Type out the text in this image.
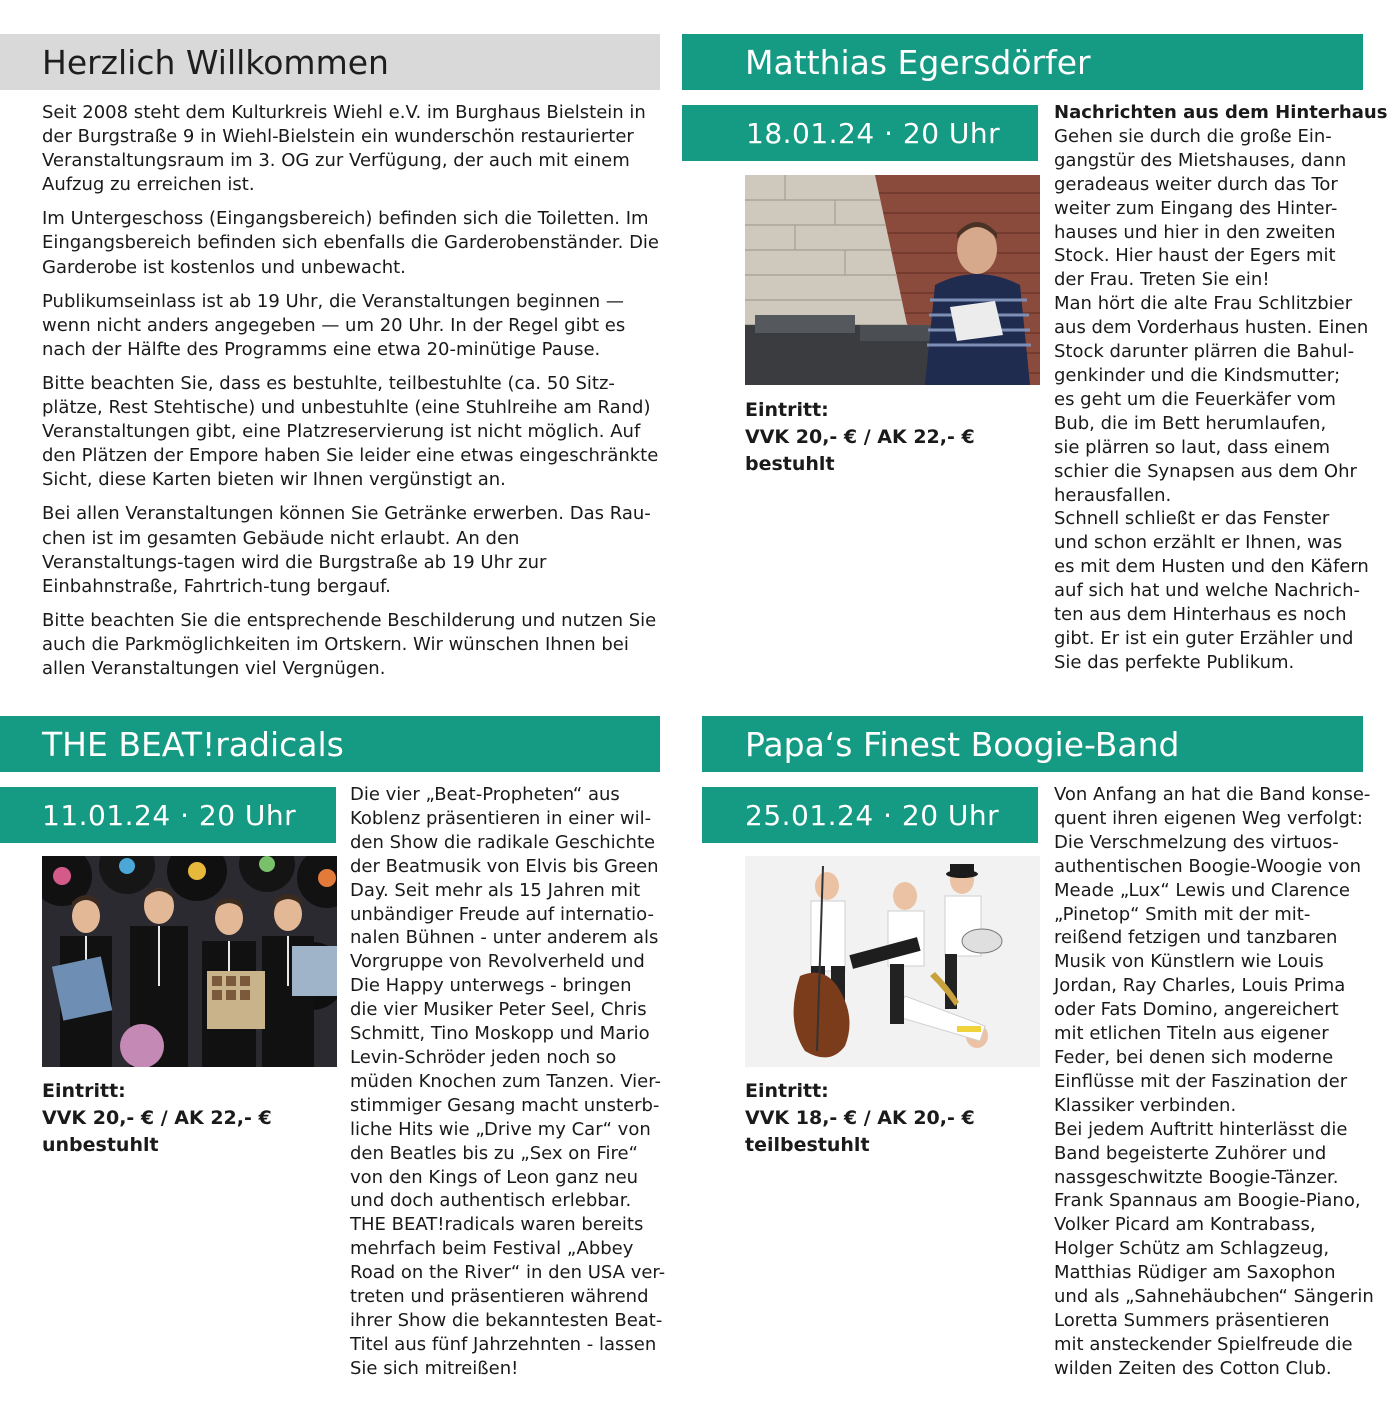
Herzlich Willkommen

Seit 2008 steht dem Kulturkreis Wiehl e.V. im Burghaus Bielstein in der Burgstraße 9 in Wiehl-Bielstein ein wunderschön restaurierter Veranstaltungsraum im 3. OG zur Verfügung, der auch mit einem Aufzug zu erreichen ist.

Im Untergeschoss (Eingangsbereich) befinden sich die Toiletten. Im Eingangsbereich befinden sich ebenfalls die Garderobenständer. Die Garderobe ist kostenlos und unbewacht.

Publikumseinlass ist ab 19 Uhr, die Veranstaltungen beginnen — wenn nicht anders angegeben — um 20 Uhr. In der Regel gibt es nach der Hälfte des Programms eine etwa 20-minütige Pause.

Bitte beachten Sie, dass es bestuhlte, teilbestuhlte (ca. 50 Sitz-plätze, Rest Stehtische) und unbestuhlte (eine Stuhlreihe am Rand) Veranstaltungen gibt, eine Platzreservierung ist nicht möglich. Auf den Plätzen der Empore haben Sie leider eine etwas eingeschränkte Sicht, diese Karten bieten wir Ihnen vergünstigt an.

Bei allen Veranstaltungen können Sie Getränke erwerben. Das Rau-chen ist im gesamten Gebäude nicht erlaubt. An den Veranstaltungs-tagen wird die Burgstraße ab 19 Uhr zur Einbahnstraße, Fahrtrich-tung bergauf.

Bitte beachten Sie die entsprechende Beschilderung und nutzen Sie auch die Parkmöglichkeiten im Ortskern. Wir wünschen Ihnen bei allen Veranstaltungen viel Vergnügen.

Matthias Egersdörfer
18.01.24 · 20 Uhr
Eintritt:
VVK 20,- € / AK 22,- €
bestuhlt
Nachrichten aus dem Hinterhaus
Gehen sie durch die große Ein-
gangstür des Mietshauses, dann
geradeaus weiter durch das Tor
weiter zum Eingang des Hinter-
hauses und hier in den zweiten
Stock. Hier haust der Egers mit
der Frau. Treten Sie ein!
Man hört die alte Frau Schlitzbier
aus dem Vorderhaus husten. Einen
Stock darunter plärren die Bahul-
genkinder und die Kindsmutter;
es geht um die Feuerkäfer vom
Bub, die im Bett herumlaufen,
sie plärren so laut, dass einem
schier die Synapsen aus dem Ohr
herausfallen.
Schnell schließt er das Fenster
und schon erzählt er Ihnen, was
es mit dem Husten und den Käfern
auf sich hat und welche Nachrich-
ten aus dem Hinterhaus es noch
gibt. Er ist ein guter Erzähler und
Sie das perfekte Publikum.
THE BEAT!radicals
11.01.24 · 20 Uhr
Eintritt:
VVK 20,- € / AK 22,- €
unbestuhlt
Die vier „Beat-Propheten“ aus
Koblenz präsentieren in einer wil-
den Show die radikale Geschichte
der Beatmusik von Elvis bis Green
Day. Seit mehr als 15 Jahren mit
unbändiger Freude auf internatio-
nalen Bühnen - unter anderem als
Vorgruppe von Revolverheld und
Die Happy unterwegs - bringen
die vier Musiker Peter Seel, Chris
Schmitt, Tino Moskopp und Mario
Levin-Schröder jeden noch so
müden Knochen zum Tanzen. Vier-
stimmiger Gesang macht unsterb-
liche Hits wie „Drive my Car“ von
den Beatles bis zu „Sex on Fire“
von den Kings of Leon ganz neu
und doch authentisch erlebbar.
THE BEAT!radicals waren bereits
mehrfach beim Festival „Abbey
Road on the River“ in den USA ver-
treten und präsentieren während
ihrer Show die bekanntesten Beat-
Titel aus fünf Jahrzehnten - lassen
Sie sich mitreißen!
Papa‘s Finest Boogie-Band
25.01.24 · 20 Uhr
Eintritt:
VVK 18,- € / AK 20,- €
teilbestuhlt
Von Anfang an hat die Band konse-
quent ihren eigenen Weg verfolgt:
Die Verschmelzung des virtuos-
authentischen Boogie-Woogie von
Meade „Lux“ Lewis und Clarence
„Pinetop“ Smith mit der mit-
reißend fetzigen und tanzbaren
Musik von Künstlern wie Louis
Jordan, Ray Charles, Louis Prima
oder Fats Domino, angereichert
mit etlichen Titeln aus eigener
Feder, bei denen sich moderne
Einflüsse mit der Faszination der
Klassiker verbinden.
Bei jedem Auftritt hinterlässt die
Band begeisterte Zuhörer und
nassgeschwitzte Boogie-Tänzer.
Frank Spannaus am Boogie-Piano,
Volker Picard am Kontrabass,
Holger Schütz am Schlagzeug,
Matthias Rüdiger am Saxophon
und als „Sahnehäubchen“ Sängerin
Loretta Summers präsentieren
mit ansteckender Spielfreude die
wilden Zeiten des Cotton Club.
